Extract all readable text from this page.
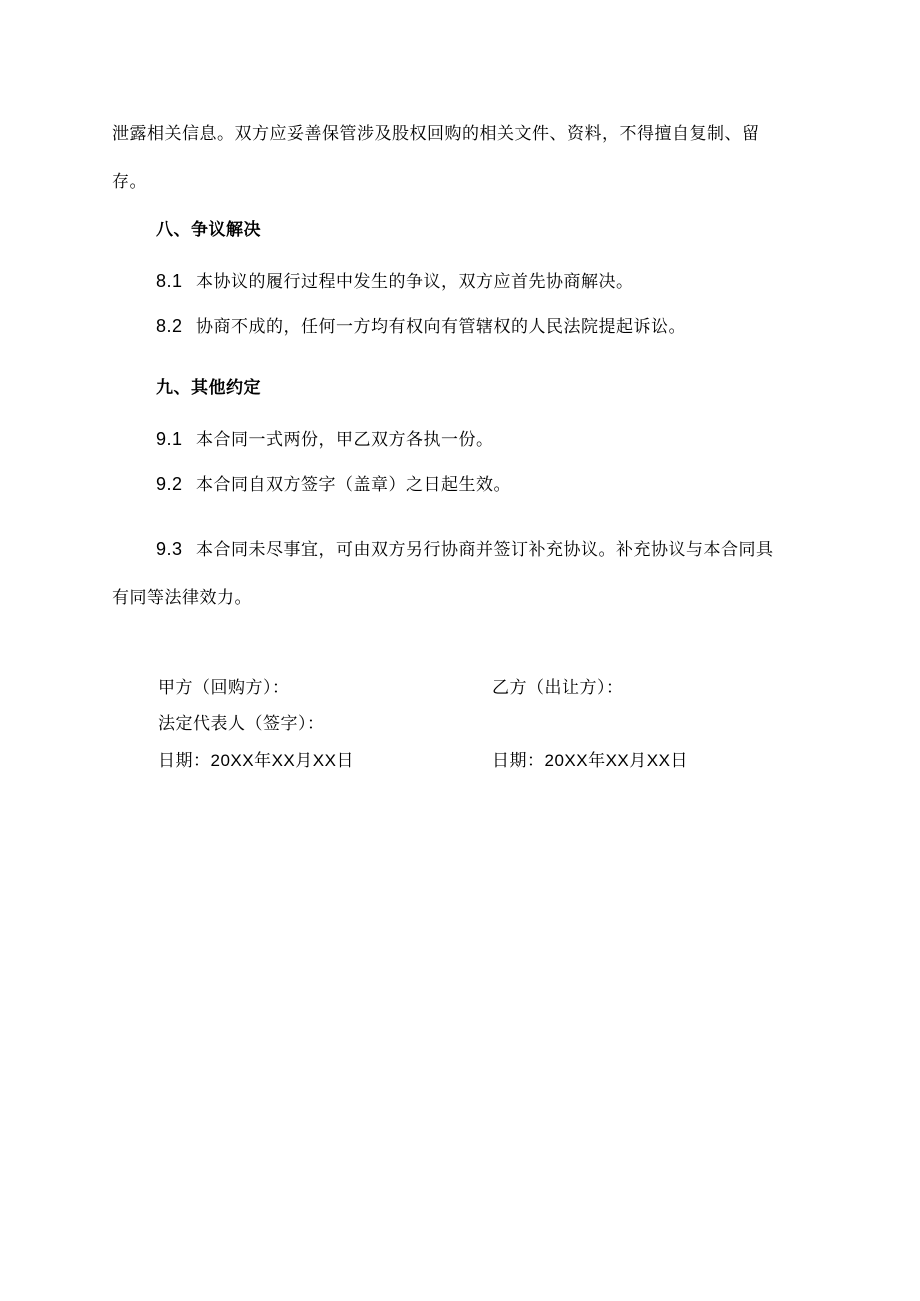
泄露相关信息。双方应妥善保管涉及股权回购的相关文件、资料，不得擅自复制、留
存。
八、争议解决
8.1 本协议的履行过程中发生的争议，双方应首先协商解决。
8.2 协商不成的，任何一方均有权向有管辖权的人民法院提起诉讼。
九、其他约定
9.1 本合同一式两份，甲乙双方各执一份。
9.2 本合同自双方签字（盖章）之日起生效。
9.3 本合同未尽事宜，可由双方另行协商并签订补充协议。补充协议与本合同具
有同等法律效力。
甲方（回购方）：	乙方（出让方）：
法定代表人（签字）：
日期：20XX年XX月XX日	日期：20XX年XX月XX日
